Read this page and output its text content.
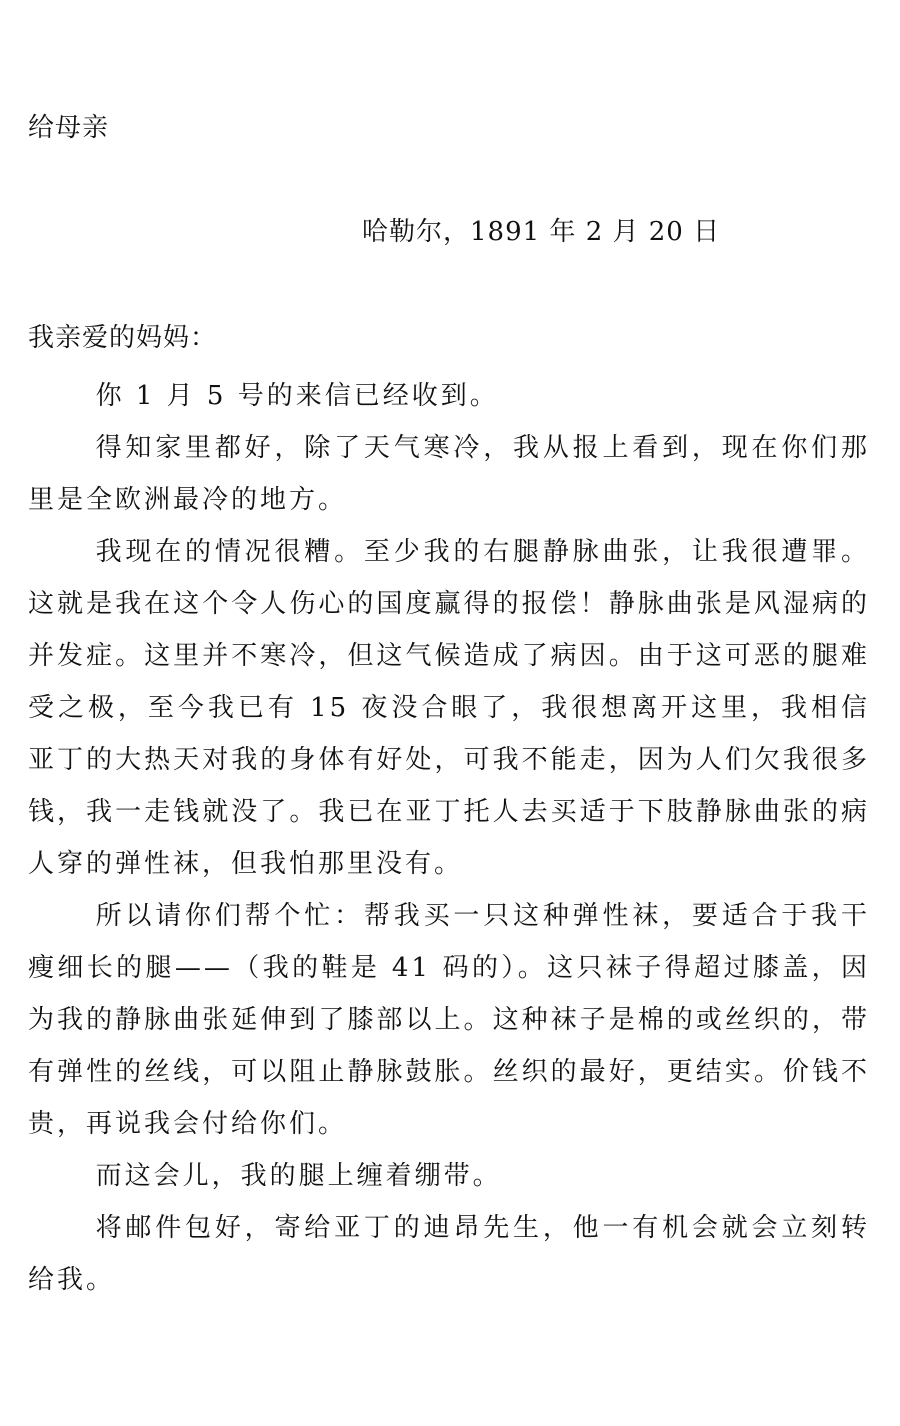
给母亲
哈勒尔，1891 年 2 月 20 日
我亲爱的妈妈：

你 1 月 5 号的来信已经收到。

得知家里都好，除了天气寒冷，我从报上看到，现在你们那里是全欧洲最冷的地方。

我现在的情况很糟。至少我的右腿静脉曲张，让我很遭罪。这就是我在这个令人伤心的国度赢得的报偿！静脉曲张是风湿病的并发症。这里并不寒冷，但这气候造成了病因。由于这可恶的腿难受之极，至今我已有 15 夜没合眼了，我很想离开这里，我相信亚丁的大热天对我的身体有好处，可我不能走，因为人们欠我很多钱，我一走钱就没了。我已在亚丁托人去买适于下肢静脉曲张的病人穿的弹性袜，但我怕那里没有。

所以请你们帮个忙：帮我买一只这种弹性袜，要适合于我干瘦细长的腿——（我的鞋是 41 码的）。这只袜子得超过膝盖，因为我的静脉曲张延伸到了膝部以上。这种袜子是棉的或丝织的，带有弹性的丝线，可以阻止静脉鼓胀。丝织的最好，更结实。价钱不贵，再说我会付给你们。

而这会儿，我的腿上缠着绷带。

将邮件包好，寄给亚丁的迪昂先生，他一有机会就会立刻转给我。
